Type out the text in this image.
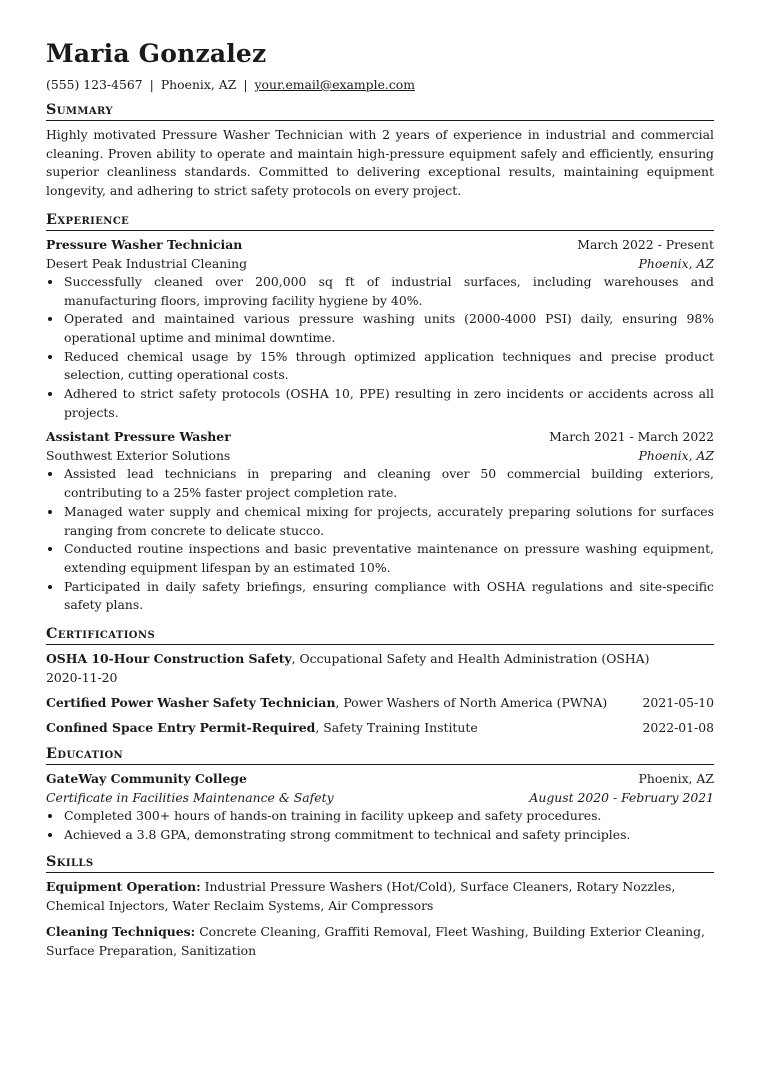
Maria Gonzalez
(555) 123-4567 | Phoenix, AZ | your.email@example.com
Summary

Highly motivated Pressure Washer Technician with 2 years of experience in industrial and commercial cleaning. Proven ability to operate and maintain high-pressure equipment safely and efficiently, ensuring superior cleanliness standards. Committed to delivering exceptional results, maintaining equipment longevity, and adhering to strict safety protocols on every project.

Experience
Pressure Washer Technician	March 2022 - Present
Desert Peak Industrial Cleaning	Phoenix, AZ
• Successfully cleaned over 200,000 sq ft of industrial surfaces, including warehouses and manufacturing floors, improving facility hygiene by 40%.
• Operated and maintained various pressure washing units (2000-4000 PSI) daily, ensuring 98% operational uptime and minimal downtime.
• Reduced chemical usage by 15% through optimized application techniques and precise product selection, cutting operational costs.
• Adhered to strict safety protocols (OSHA 10, PPE) resulting in zero incidents or accidents across all projects.
Assistant Pressure Washer	March 2021 - March 2022
Southwest Exterior Solutions	Phoenix, AZ
• Assisted lead technicians in preparing and cleaning over 50 commercial building exteriors, contributing to a 25% faster project completion rate.
• Managed water supply and chemical mixing for projects, accurately preparing solutions for surfaces ranging from concrete to delicate stucco.
• Conducted routine inspections and basic preventative maintenance on pressure washing equipment, extending equipment lifespan by an estimated 10%.
• Participated in daily safety briefings, ensuring compliance with OSHA regulations and site-specific safety plans.
Certifications
OSHA 10-Hour Construction Safety, Occupational Safety and Health Administration (OSHA)
2020-11-20
Certified Power Washer Safety Technician, Power Washers of North America (PWNA)	2021-05-10
Confined Space Entry Permit-Required, Safety Training Institute	2022-01-08
Education
GateWay Community College	Phoenix, AZ
Certificate in Facilities Maintenance & Safety	August 2020 - February 2021
• Completed 300+ hours of hands-on training in facility upkeep and safety procedures.
• Achieved a 3.8 GPA, demonstrating strong commitment to technical and safety principles.
Skills
Equipment Operation: Industrial Pressure Washers (Hot/Cold), Surface Cleaners, Rotary Nozzles, Chemical Injectors, Water Reclaim Systems, Air Compressors
Cleaning Techniques: Concrete Cleaning, Graffiti Removal, Fleet Washing, Building Exterior Cleaning, Surface Preparation, Sanitization
